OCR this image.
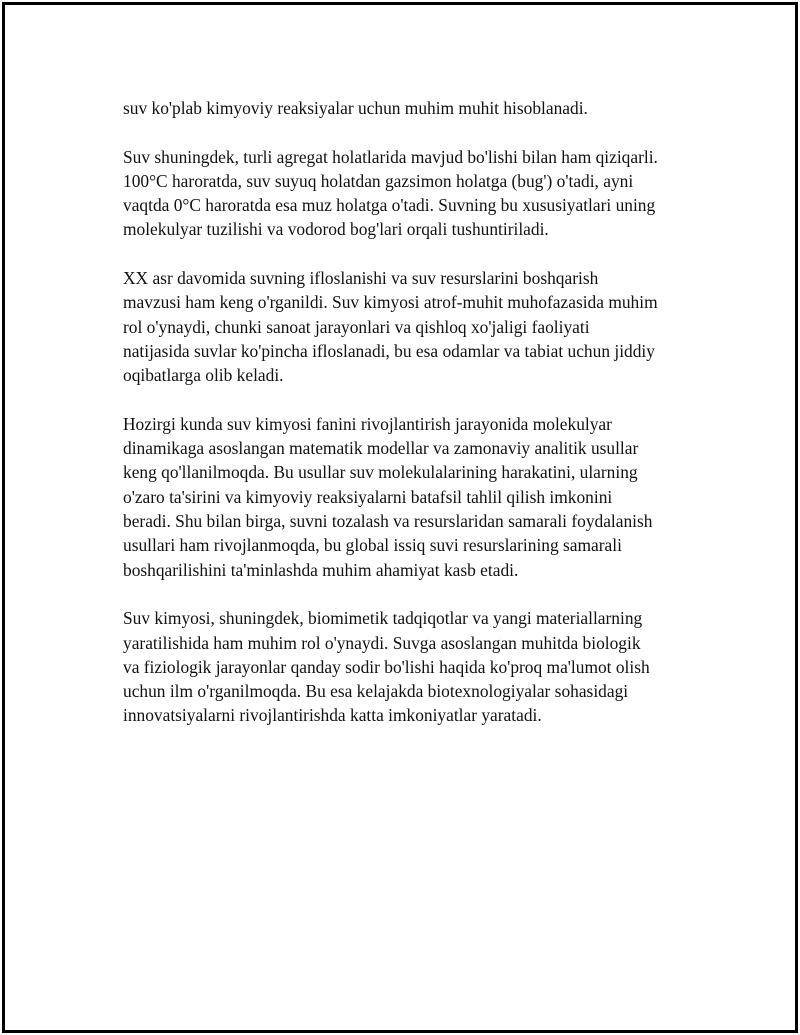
suv ko'plab kimyoviy reaksiyalar uchun muhim muhit hisoblanadi.

Suv shuningdek, turli agregat holatlarida mavjud bo'lishi bilan ham qiziqarli.
100°C haroratda, suv suyuq holatdan gazsimon holatga (bug') o'tadi, ayni
vaqtda 0°C haroratda esa muz holatga o'tadi. Suvning bu xususiyatlari uning
molekulyar tuzilishi va vodorod bog'lari orqali tushuntiriladi.

XX asr davomida suvning ifloslanishi va suv resurslarini boshqarish
mavzusi ham keng o'rganildi. Suv kimyosi atrof-muhit muhofazasida muhim
rol o'ynaydi, chunki sanoat jarayonlari va qishloq xo'jaligi faoliyati
natijasida suvlar ko'pincha ifloslanadi, bu esa odamlar va tabiat uchun jiddiy
oqibatlarga olib keladi.

Hozirgi kunda suv kimyosi fanini rivojlantirish jarayonida molekulyar
dinamikaga asoslangan matematik modellar va zamonaviy analitik usullar
keng qo'llanilmoqda. Bu usullar suv molekulalarining harakatini, ularning
o'zaro ta'sirini va kimyoviy reaksiyalarni batafsil tahlil qilish imkonini
beradi. Shu bilan birga, suvni tozalash va resurslaridan samarali foydalanish
usullari ham rivojlanmoqda, bu global issiq suvi resurslarining samarali
boshqarilishini ta'minlashda muhim ahamiyat kasb etadi.

Suv kimyosi, shuningdek, biomimetik tadqiqotlar va yangi materiallarning
yaratilishida ham muhim rol o'ynaydi. Suvga asoslangan muhitda biologik
va fiziologik jarayonlar qanday sodir bo'lishi haqida ko'proq ma'lumot olish
uchun ilm o'rganilmoqda. Bu esa kelajakda biotexnologiyalar sohasidagi
innovatsiyalarni rivojlantirishda katta imkoniyatlar yaratadi.
